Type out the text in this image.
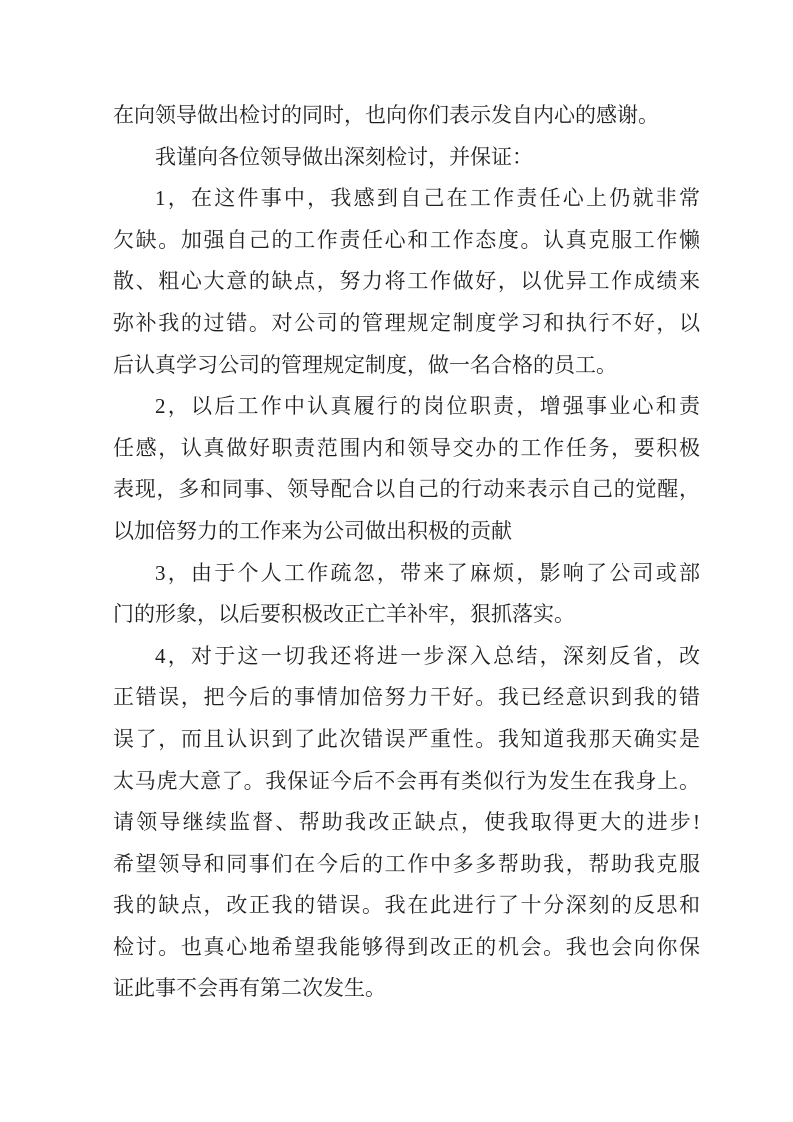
在向领导做出检讨的同时，也向你们表示发自内心的感谢。
我谨向各位领导做出深刻检讨，并保证：
1，在这件事中，我感到自己在工作责任心上仍就非常
欠缺。加强自己的工作责任心和工作态度。认真克服工作懒
散、粗心大意的缺点，努力将工作做好，以优异工作成绩来
弥补我的过错。对公司的管理规定制度学习和执行不好，以
后认真学习公司的管理规定制度，做一名合格的员工。
2，以后工作中认真履行的岗位职责，增强事业心和责
任感，认真做好职责范围内和领导交办的工作任务，要积极
表现，多和同事、领导配合以自己的行动来表示自己的觉醒，
以加倍努力的工作来为公司做出积极的贡献
3，由于个人工作疏忽，带来了麻烦，影响了公司或部
门的形象，以后要积极改正亡羊补牢，狠抓落实。
4，对于这一切我还将进一步深入总结，深刻反省，改
正错误，把今后的事情加倍努力干好。我已经意识到我的错
误了，而且认识到了此次错误严重性。我知道我那天确实是
太马虎大意了。我保证今后不会再有类似行为发生在我身上。
请领导继续监督、帮助我改正缺点，使我取得更大的进步!
希望领导和同事们在今后的工作中多多帮助我，帮助我克服
我的缺点，改正我的错误。我在此进行了十分深刻的反思和
检讨。也真心地希望我能够得到改正的机会。我也会向你保
证此事不会再有第二次发生。
